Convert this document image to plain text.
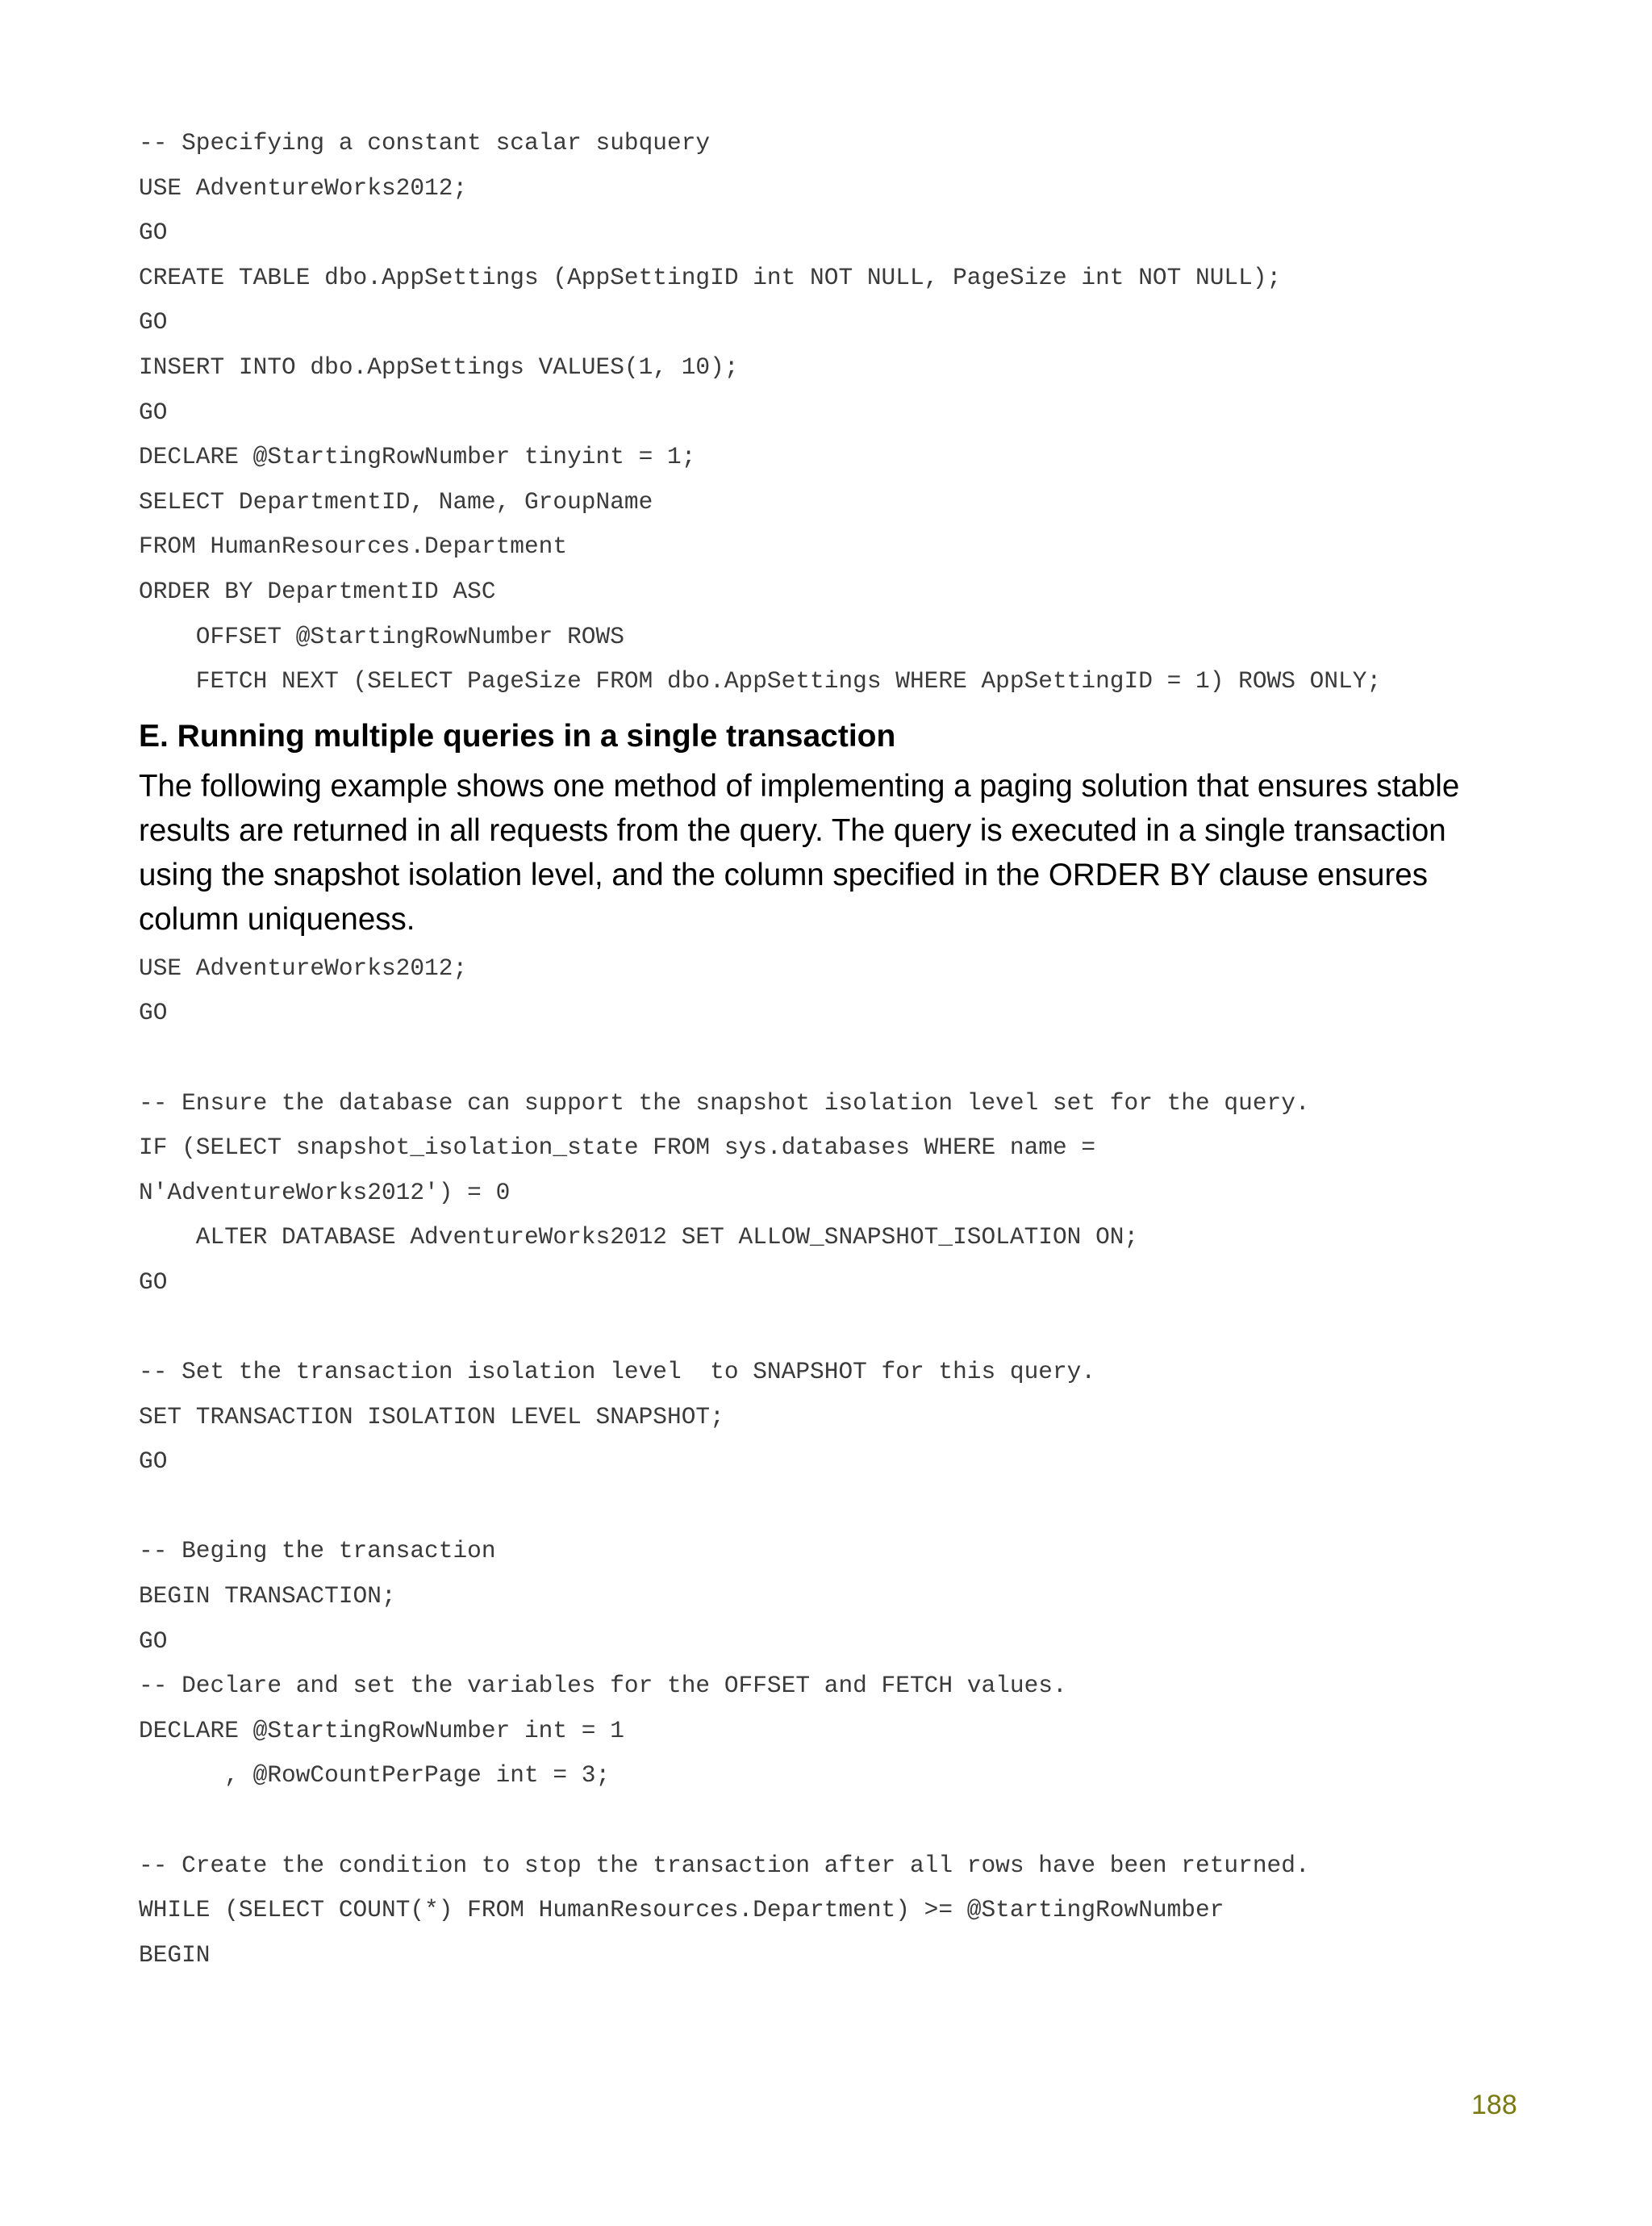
-- Specifying a constant scalar subquery
USE AdventureWorks2012;
GO
CREATE TABLE dbo.AppSettings (AppSettingID int NOT NULL, PageSize int NOT NULL);
GO
INSERT INTO dbo.AppSettings VALUES(1, 10);
GO
DECLARE @StartingRowNumber tinyint = 1;
SELECT DepartmentID, Name, GroupName
FROM HumanResources.Department
ORDER BY DepartmentID ASC
OFFSET @StartingRowNumber ROWS
FETCH NEXT (SELECT PageSize FROM dbo.AppSettings WHERE AppSettingID = 1) ROWS ONLY;
E. Running multiple queries in a single transaction

The following example shows one method of implementing a paging solution that ensures stable results are returned in all requests from the query. The query is executed in a single transaction using the snapshot isolation level, and the column specified in the ORDER BY clause ensures column uniqueness.

USE AdventureWorks2012;
GO
-- Ensure the database can support the snapshot isolation level set for the query.
IF (SELECT snapshot_isolation_state FROM sys.databases WHERE name =
N'AdventureWorks2012') = 0
ALTER DATABASE AdventureWorks2012 SET ALLOW_SNAPSHOT_ISOLATION ON;
GO
-- Set the transaction isolation level  to SNAPSHOT for this query.
SET TRANSACTION ISOLATION LEVEL SNAPSHOT;
GO
-- Beging the transaction
BEGIN TRANSACTION;
GO
-- Declare and set the variables for the OFFSET and FETCH values.
DECLARE @StartingRowNumber int = 1
, @RowCountPerPage int = 3;
-- Create the condition to stop the transaction after all rows have been returned.
WHILE (SELECT COUNT(*) FROM HumanResources.Department) >= @StartingRowNumber
BEGIN
188
